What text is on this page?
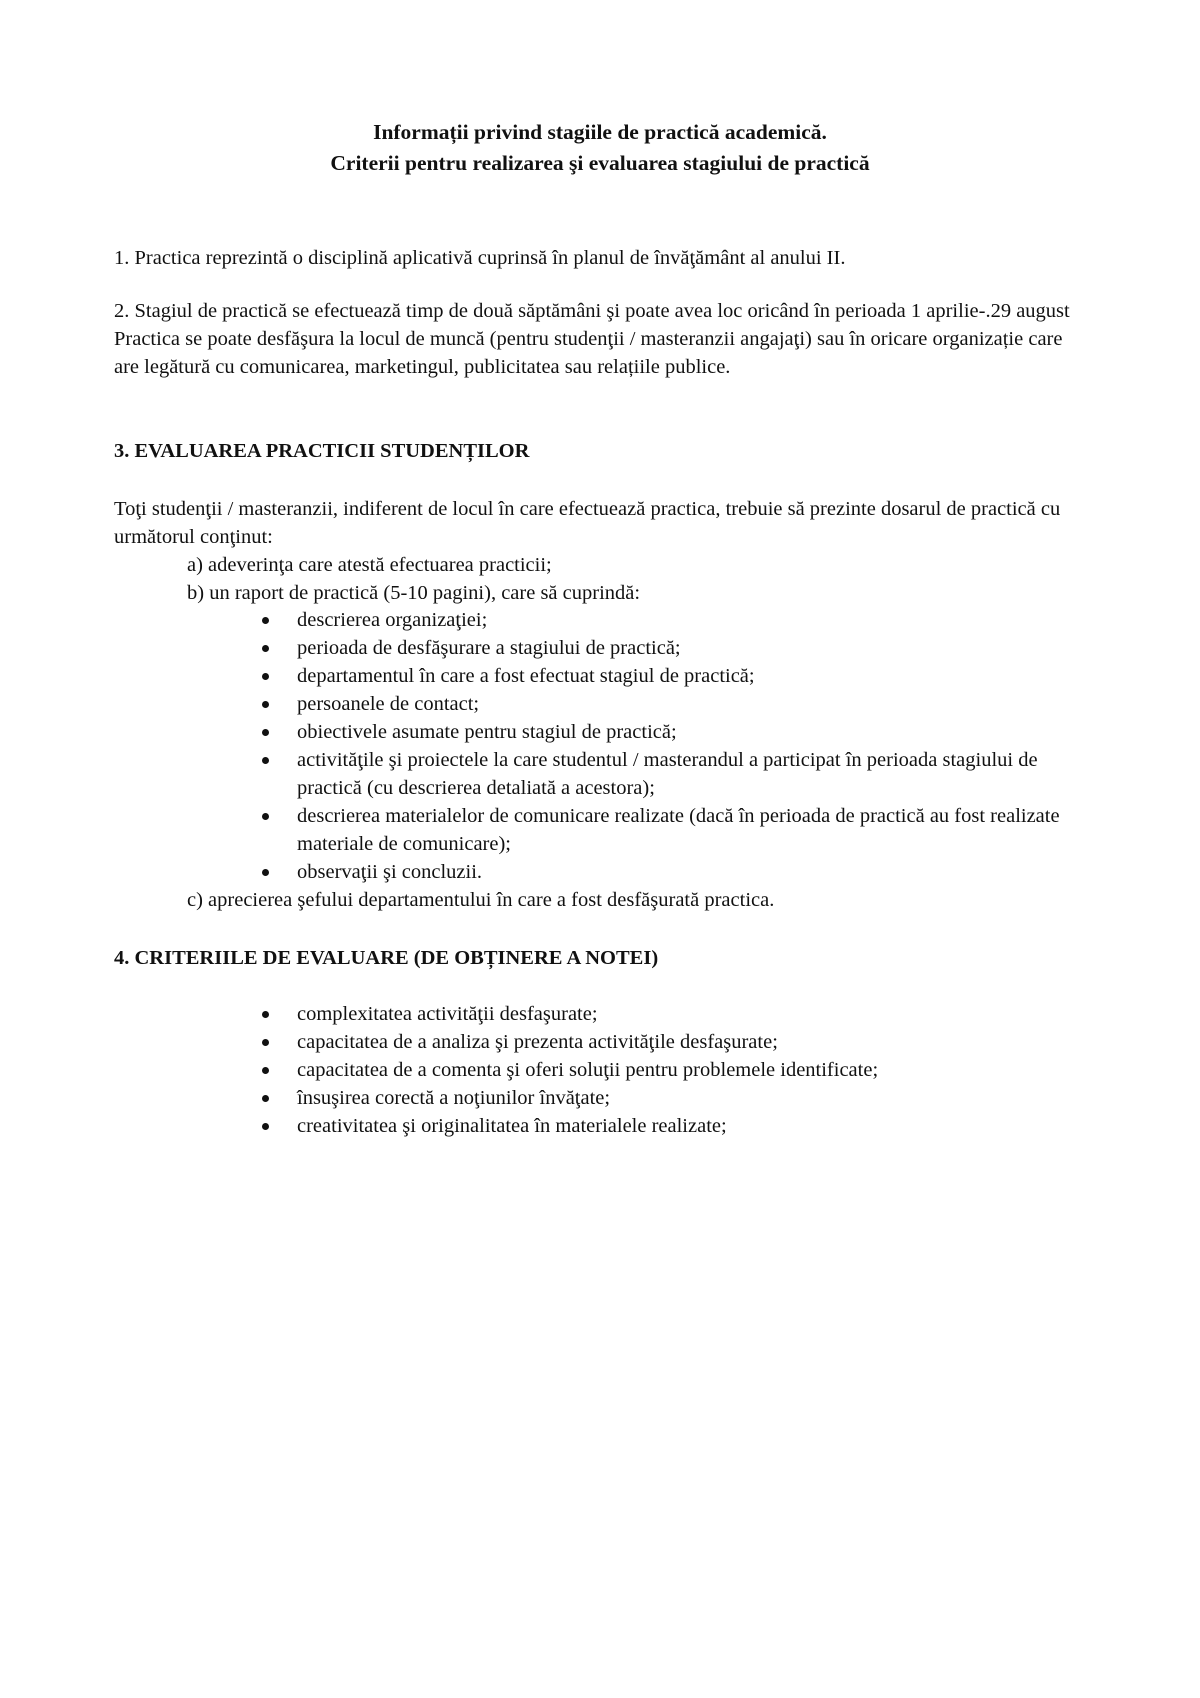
Informații privind stagiile de practică academică.
Criterii pentru realizarea şi evaluarea stagiului de practică

1. Practica reprezintă o disciplină aplicativă cuprinsă în planul de învăţământ al anului II.

2. Stagiul de practică se efectuează timp de două săptămâni şi poate avea loc oricând în perioada 1 aprilie-.29 august Practica se poate desfăşura la locul de muncă (pentru studenţii / masteranzii angajaţi) sau în oricare organizație care are legătură cu comunicarea, marketingul, publicitatea sau relațiile publice.

3. EVALUAREA PRACTICII STUDENȚILOR

Toţi studenţii / masteranzii, indiferent de locul în care efectuează practica, trebuie să prezinte dosarul de practică cu următorul conţinut:

a) adeverinţa care atestă efectuarea practicii;

b) un raport de practică (5-10 pagini), care să cuprindă:

descrierea organizaţiei;
perioada de desfăşurare a stagiului de practică;
departamentul în care a fost efectuat stagiul de practică;
persoanele de contact;
obiectivele asumate pentru stagiul de practică;
activităţile şi proiectele la care studentul / masterandul a participat în perioada stagiului de practică (cu descrierea detaliată a acestora);
descrierea materialelor de comunicare realizate (dacă în perioada de practică au fost realizate materiale de comunicare);
observaţii şi concluzii.

c) aprecierea şefului departamentului în care a fost desfăşurată practica.

4. CRITERIILE DE EVALUARE (DE OBȚINERE A NOTEI)

complexitatea activităţii desfaşurate;
capacitatea de a analiza şi prezenta activităţile desfaşurate;
capacitatea de a comenta şi oferi soluţii pentru problemele identificate;
însuşirea corectă a noţiunilor învăţate;
creativitatea şi originalitatea în materialele realizate;
